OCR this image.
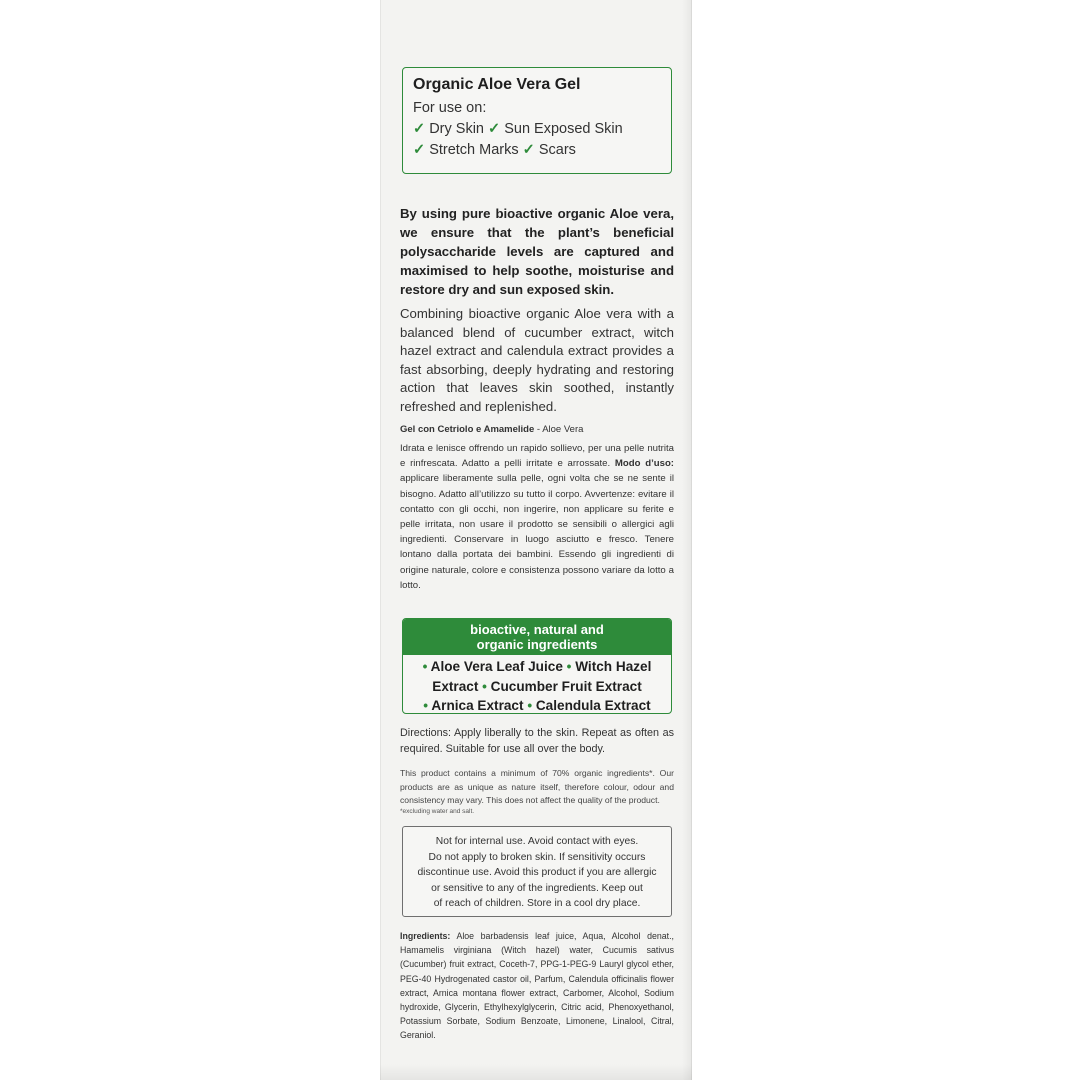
Organic Aloe Vera Gel
For use on:
✓ Dry Skin ✓ Sun Exposed Skin
✓ Stretch Marks ✓ Scars

By using pure bioactive organic Aloe vera, we ensure that the plant’s beneficial polysaccharide levels are captured and maximised to help soothe, moisturise and restore dry and sun exposed skin.

Combining bioactive organic Aloe vera with a balanced blend of cucumber extract, witch hazel extract and calendula extract provides a fast absorbing, deeply hydrating and restoring action that leaves skin soothed, instantly refreshed and replenished.

Gel con Cetriolo e Amamelide - Aloe Vera

Idrata e lenisce offrendo un rapido sollievo, per una pelle nutrita e rinfrescata. Adatto a pelli irritate e arrossate. Modo d’uso: applicare liberamente sulla pelle, ogni volta che se ne sente il bisogno. Adatto all’utilizzo su tutto il corpo. Avvertenze: evitare il contatto con gli occhi, non ingerire, non applicare su ferite e pelle irritata, non usare il prodotto se sensibili o allergici agli ingredienti. Conservare in luogo asciutto e fresco. Tenere lontano dalla portata dei bambini. Essendo gli ingredienti di origine naturale, colore e consistenza possono variare da lotto a lotto.

bioactive, natural and
organic ingredients
• Aloe Vera Leaf Juice • Witch Hazel
Extract • Cucumber Fruit Extract
• Arnica Extract • Calendula Extract

Directions: Apply liberally to the skin. Repeat as often as required. Suitable for use all over the body.

This product contains a minimum of 70% organic ingredients*. Our products are as unique as nature itself, therefore colour, odour and consistency may vary. This does not affect the quality of the product.

*excluding water and salt.

Not for internal use. Avoid contact with eyes.

Do not apply to broken skin. If sensitivity occurs

discontinue use. Avoid this product if you are allergic

or sensitive to any of the ingredients. Keep out

of reach of children. Store in a cool dry place.

Ingredients: Aloe barbadensis leaf juice, Aqua, Alcohol denat., Hamamelis virginiana (Witch hazel) water, Cucumis sativus (Cucumber) fruit extract, Coceth-7, PPG-1-PEG-9 Lauryl glycol ether, PEG-40 Hydrogenated castor oil, Parfum, Calendula officinalis flower extract, Arnica montana flower extract, Carbomer, Alcohol, Sodium hydroxide, Glycerin, Ethylhexylglycerin, Citric acid, Phenoxyethanol, Potassium Sorbate, Sodium Benzoate, Limonene, Linalool, Citral, Geraniol.
